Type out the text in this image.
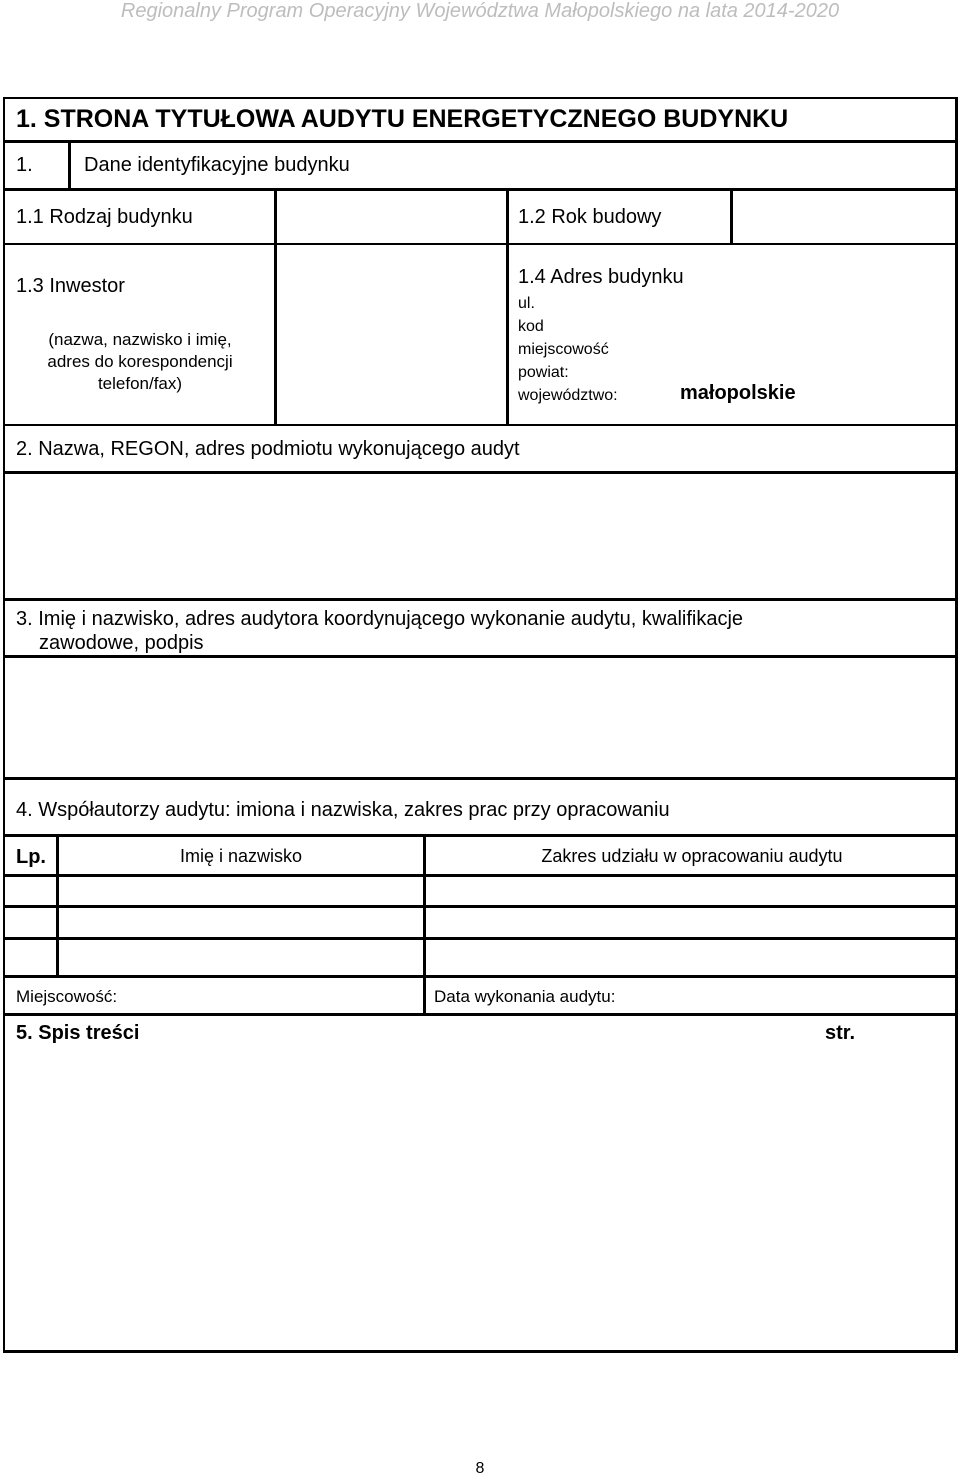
Regionalny Program Operacyjny Województwa Małopolskiego na lata 2014-2020
1. STRONA TYTUŁOWA AUDYTU ENERGETYCZNEGO BUDYNKU
1.	Dane identyfikacyjne budynku
1.1 Rodzaj budynku	1.2 Rok budowy
1.3 Inwestor
(nazwa, nazwisko i imię,
adres do korespondencji
telefon/fax)
1.4 Adres budynku
ul.
kod
miejscowość
powiat:
województwo:	małopolskie
2. Nazwa, REGON, adres podmiotu wykonującego audyt
3. Imię i nazwisko, adres audytora koordynującego wykonanie audytu, kwalifikacje
zawodowe, podpis
4. Współautorzy audytu: imiona i nazwiska, zakres prac przy opracowaniu
Lp.	Imię i nazwisko	Zakres udziału w opracowaniu audytu
Miejscowość:	Data wykonania audytu:
5. Spis treści	str.
8
